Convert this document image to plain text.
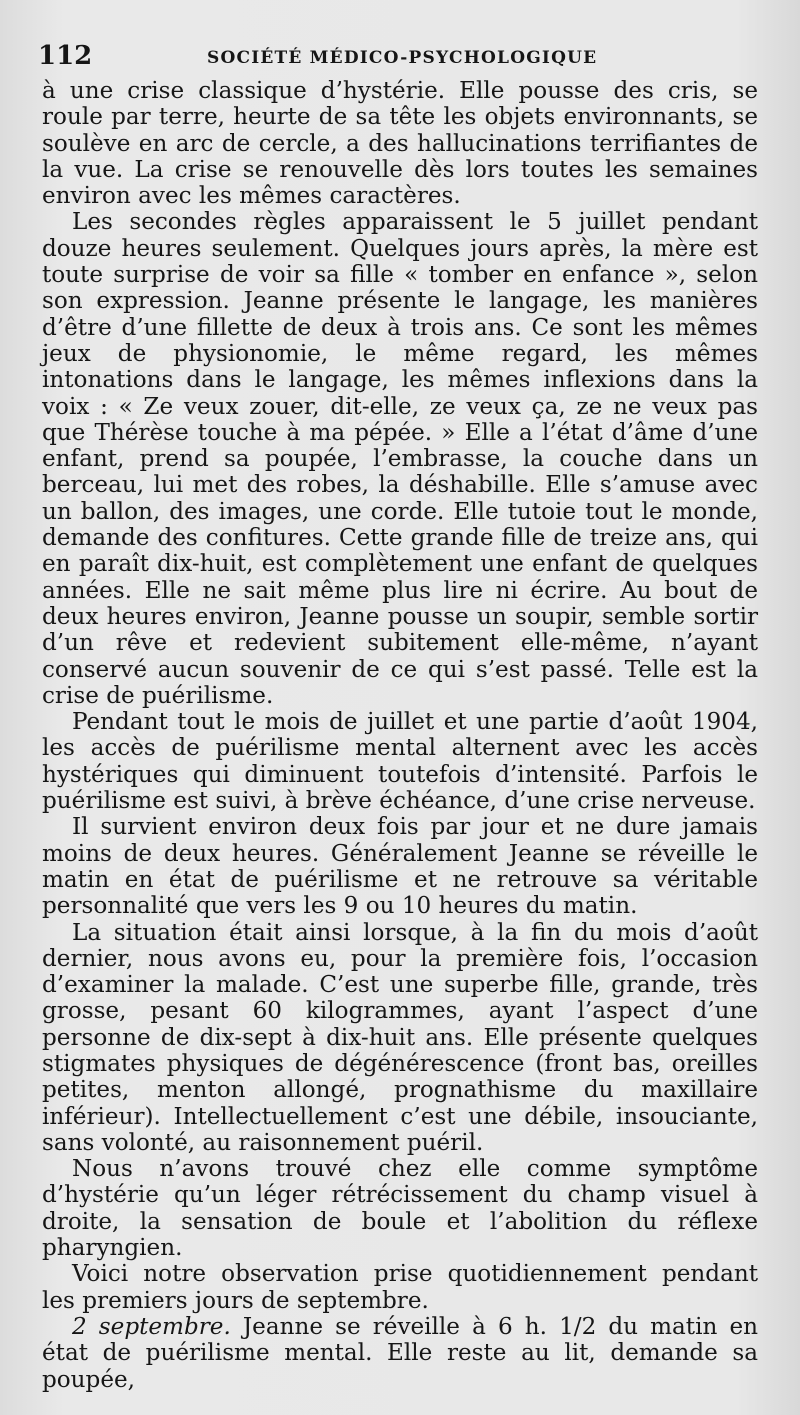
112	SOCIÉTÉ MÉDICO-PSYCHOLOGIQUE

à une crise classique d’hystérie. Elle pousse des cris, se roule par terre, heurte de sa tête les objets environnants, se soulève en arc de cercle, a des hallucinations terrifiantes de la vue. La crise se renouvelle dès lors toutes les semaines environ avec les mêmes caractères.

Les secondes règles apparaissent le 5 juillet pendant douze heures seulement. Quelques jours après, la mère est toute surprise de voir sa fille « tomber en enfance », selon son expression. Jeanne présente le langage, les manières d’être d’une fillette de deux à trois ans. Ce sont les mêmes jeux de physionomie, le même regard, les mêmes intonations dans le langage, les mêmes inflexions dans la voix : « Ze veux zouer, dit-elle, ze veux ça, ze ne veux pas que Thérèse touche à ma pépée. » Elle a l’état d’âme d’une enfant, prend sa poupée, l’embrasse, la couche dans un berceau, lui met des robes, la déshabille. Elle s’amuse avec un ballon, des images, une corde. Elle tutoie tout le monde, demande des confitures. Cette grande fille de treize ans, qui en paraît dix-huit, est complètement une enfant de quelques années. Elle ne sait même plus lire ni écrire. Au bout de deux heures environ, Jeanne pousse un soupir, semble sortir d’un rêve et redevient subitement elle-même, n’ayant conservé aucun souvenir de ce qui s’est passé. Telle est la crise de puérilisme.

Pendant tout le mois de juillet et une partie d’août 1904, les accès de puérilisme mental alternent avec les accès hystériques qui diminuent toutefois d’intensité. Parfois le puérilisme est suivi, à brève échéance, d’une crise nerveuse.

Il survient environ deux fois par jour et ne dure jamais moins de deux heures. Généralement Jeanne se réveille le matin en état de puérilisme et ne retrouve sa véritable personnalité que vers les 9 ou 10 heures du matin.

La situation était ainsi lorsque, à la fin du mois d’août dernier, nous avons eu, pour la première fois, l’occasion d’examiner la malade. C’est une superbe fille, grande, très grosse, pesant 60 kilogrammes, ayant l’aspect d’une personne de dix-sept à dix-huit ans. Elle présente quelques stigmates physiques de dégénérescence (front bas, oreilles petites, menton allongé, prognathisme du maxillaire inférieur). Intellectuellement c’est une débile, insouciante, sans volonté, au raisonnement puéril.

Nous n’avons trouvé chez elle comme symptôme d’hystérie qu’un léger rétrécissement du champ visuel à droite, la sensation de boule et l’abolition du réflexe pharyngien.

Voici notre observation prise quotidiennement pendant les premiers jours de septembre.

2 septembre. Jeanne se réveille à 6 h. 1/2 du matin en état de puérilisme mental. Elle reste au lit, demande sa poupée,
